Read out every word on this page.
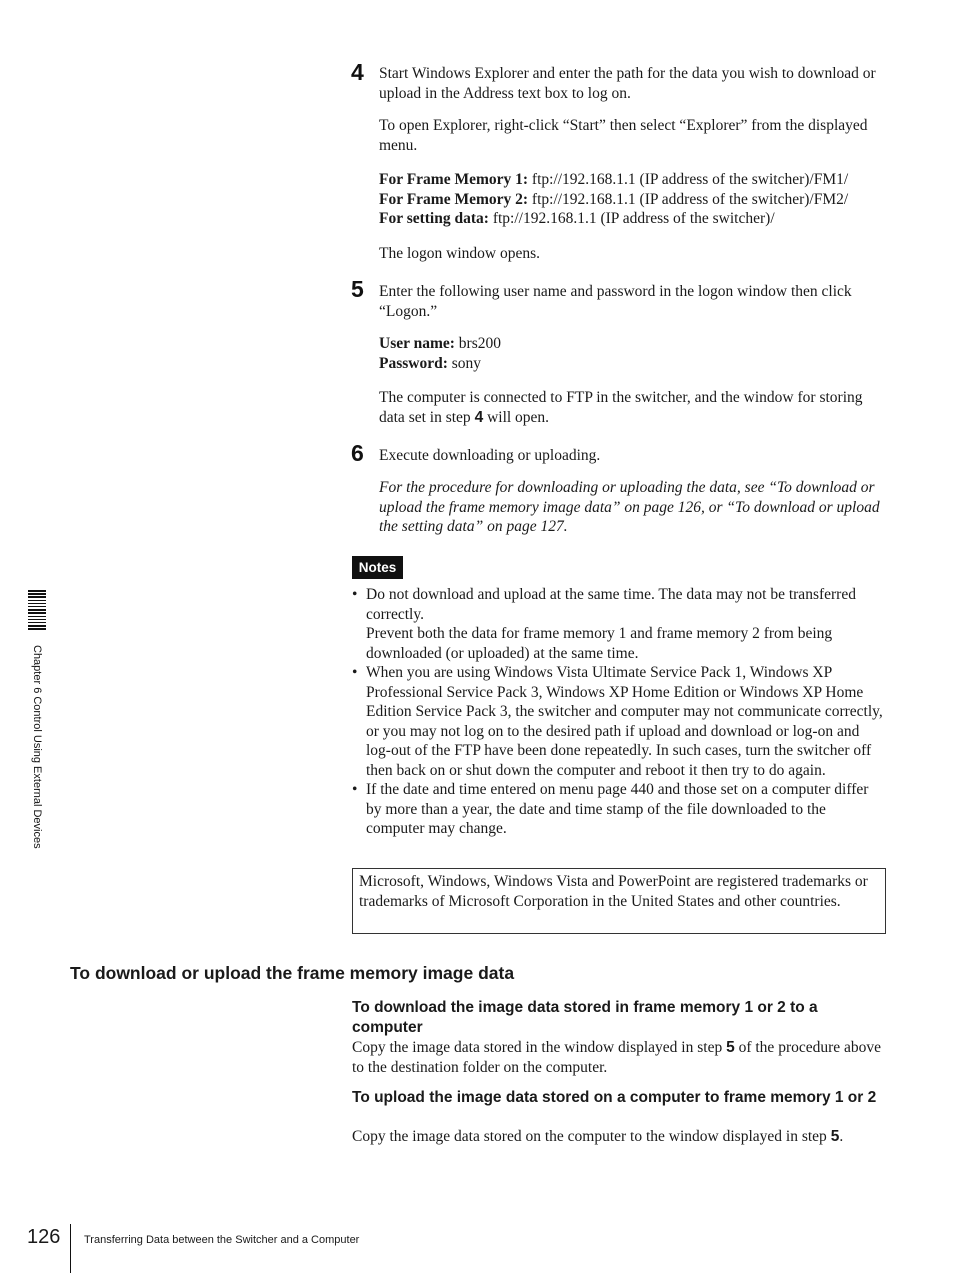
4 Start Windows Explorer and enter the path for the data you wish to download or upload in the Address text box to log on.

To open Explorer, right-click “Start” then select “Explorer” from the displayed menu.

For Frame Memory 1: ftp://192.168.1.1 (IP address of the switcher)/FM1/
For Frame Memory 2: ftp://192.168.1.1 (IP address of the switcher)/FM2/
For setting data: ftp://192.168.1.1 (IP address of the switcher)/

The logon window opens.

5 Enter the following user name and password in the logon window then click “Logon.”

User name: brs200
Password: sony

The computer is connected to FTP in the switcher, and the window for storing data set in step 4 will open.

6 Execute downloading or uploading.

For the procedure for downloading or uploading the data, see “To download or upload the frame memory image data” on page 126, or “To download or upload the setting data” on page 127.

Notes
• Do not download and upload at the same time. The data may not be transferred correctly.
Prevent both the data for frame memory 1 and frame memory 2 from being downloaded (or uploaded) at the same time.
• When you are using Windows Vista Ultimate Service Pack 1, Windows XP Professional Service Pack 3, Windows XP Home Edition or Windows XP Home Edition Service Pack 3, the switcher and computer may not communicate correctly, or you may not log on to the desired path if upload and download or log-on and log-out of the FTP have been done repeatedly. In such cases, turn the switcher off then back on or shut down the computer and reboot it then try to do again.
• If the date and time entered on menu page 440 and those set on a computer differ by more than a year, the date and time stamp of the file downloaded to the computer may change.
Microsoft, Windows, Windows Vista and PowerPoint are registered trademarks or trademarks of Microsoft Corporation in the United States and other countries.
To download or upload the frame memory image data
To download the image data stored in frame memory 1 or 2 to a computer

Copy the image data stored in the window displayed in step 5 of the procedure above to the destination folder on the computer.

To upload the image data stored on a computer to frame memory 1 or 2

Copy the image data stored on the computer to the window displayed in step 5.

Chapter 6 Control Using External Devices
126 Transferring Data between the Switcher and a Computer
